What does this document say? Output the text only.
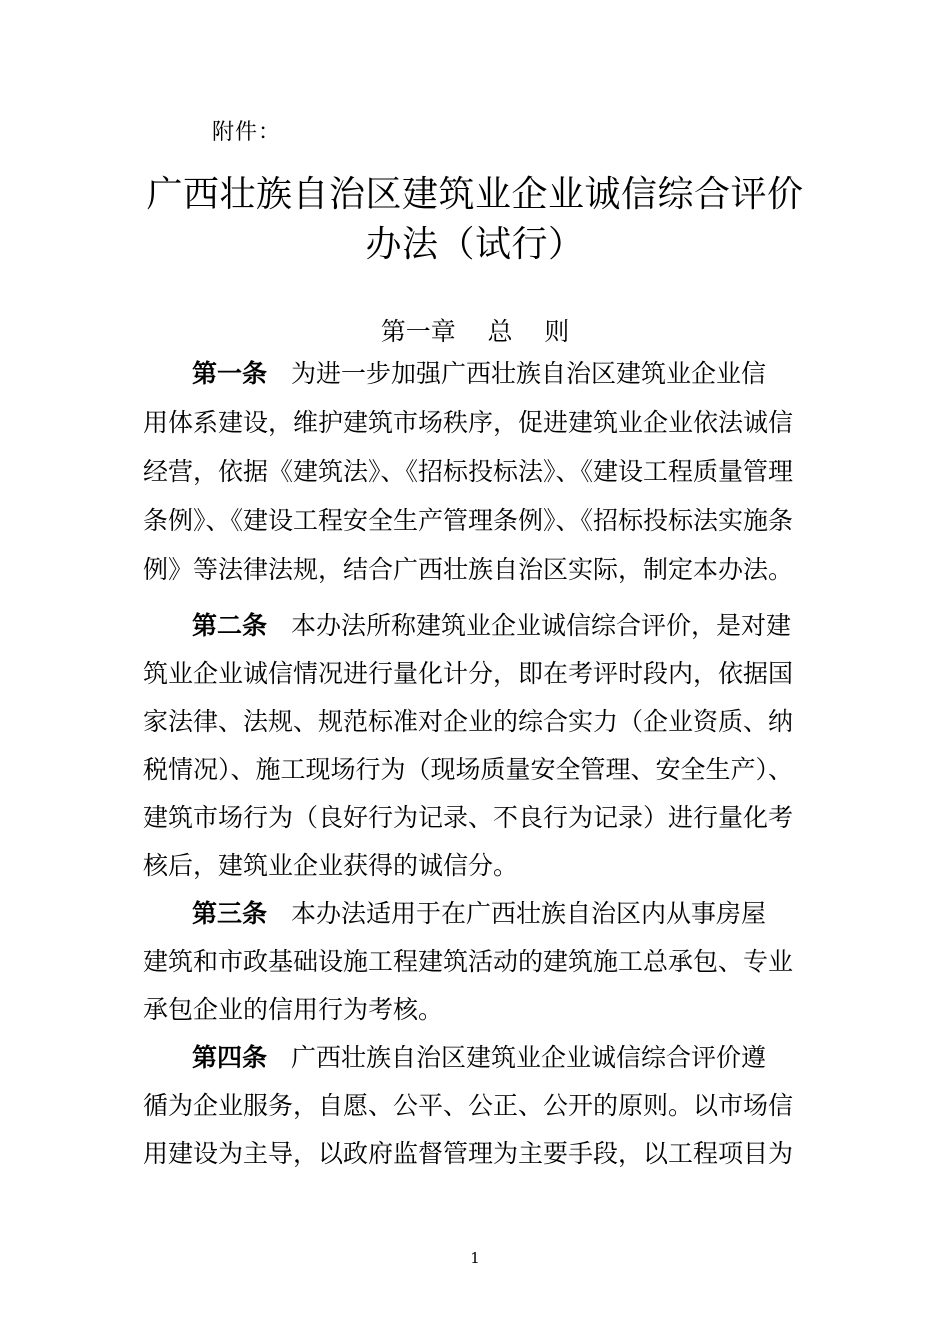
附件：
广西壮族自治区建筑业企业诚信综合评价
办法（试行）
第一章    总    则
第一条 为进一步加强广西壮族自治区建筑业企业信
用体系建设，维护建筑市场秩序，促进建筑业企业依法诚信
经营，依据《建筑法》、《招标投标法》、《建设工程质量管理
条例》、《建设工程安全生产管理条例》、《招标投标法实施条
例》等法律法规，结合广西壮族自治区实际，制定本办法。
第二条 本办法所称建筑业企业诚信综合评价，是对建
筑业企业诚信情况进行量化计分，即在考评时段内，依据国
家法律、法规、规范标准对企业的综合实力（企业资质、纳
税情况）、施工现场行为（现场质量安全管理、安全生产）、
建筑市场行为（良好行为记录、不良行为记录）进行量化考
核后，建筑业企业获得的诚信分。
第三条 本办法适用于在广西壮族自治区内从事房屋
建筑和市政基础设施工程建筑活动的建筑施工总承包、专业
承包企业的信用行为考核。
第四条 广西壮族自治区建筑业企业诚信综合评价遵
循为企业服务，自愿、公平、公正、公开的原则。以市场信
用建设为主导，以政府监督管理为主要手段，以工程项目为
1
